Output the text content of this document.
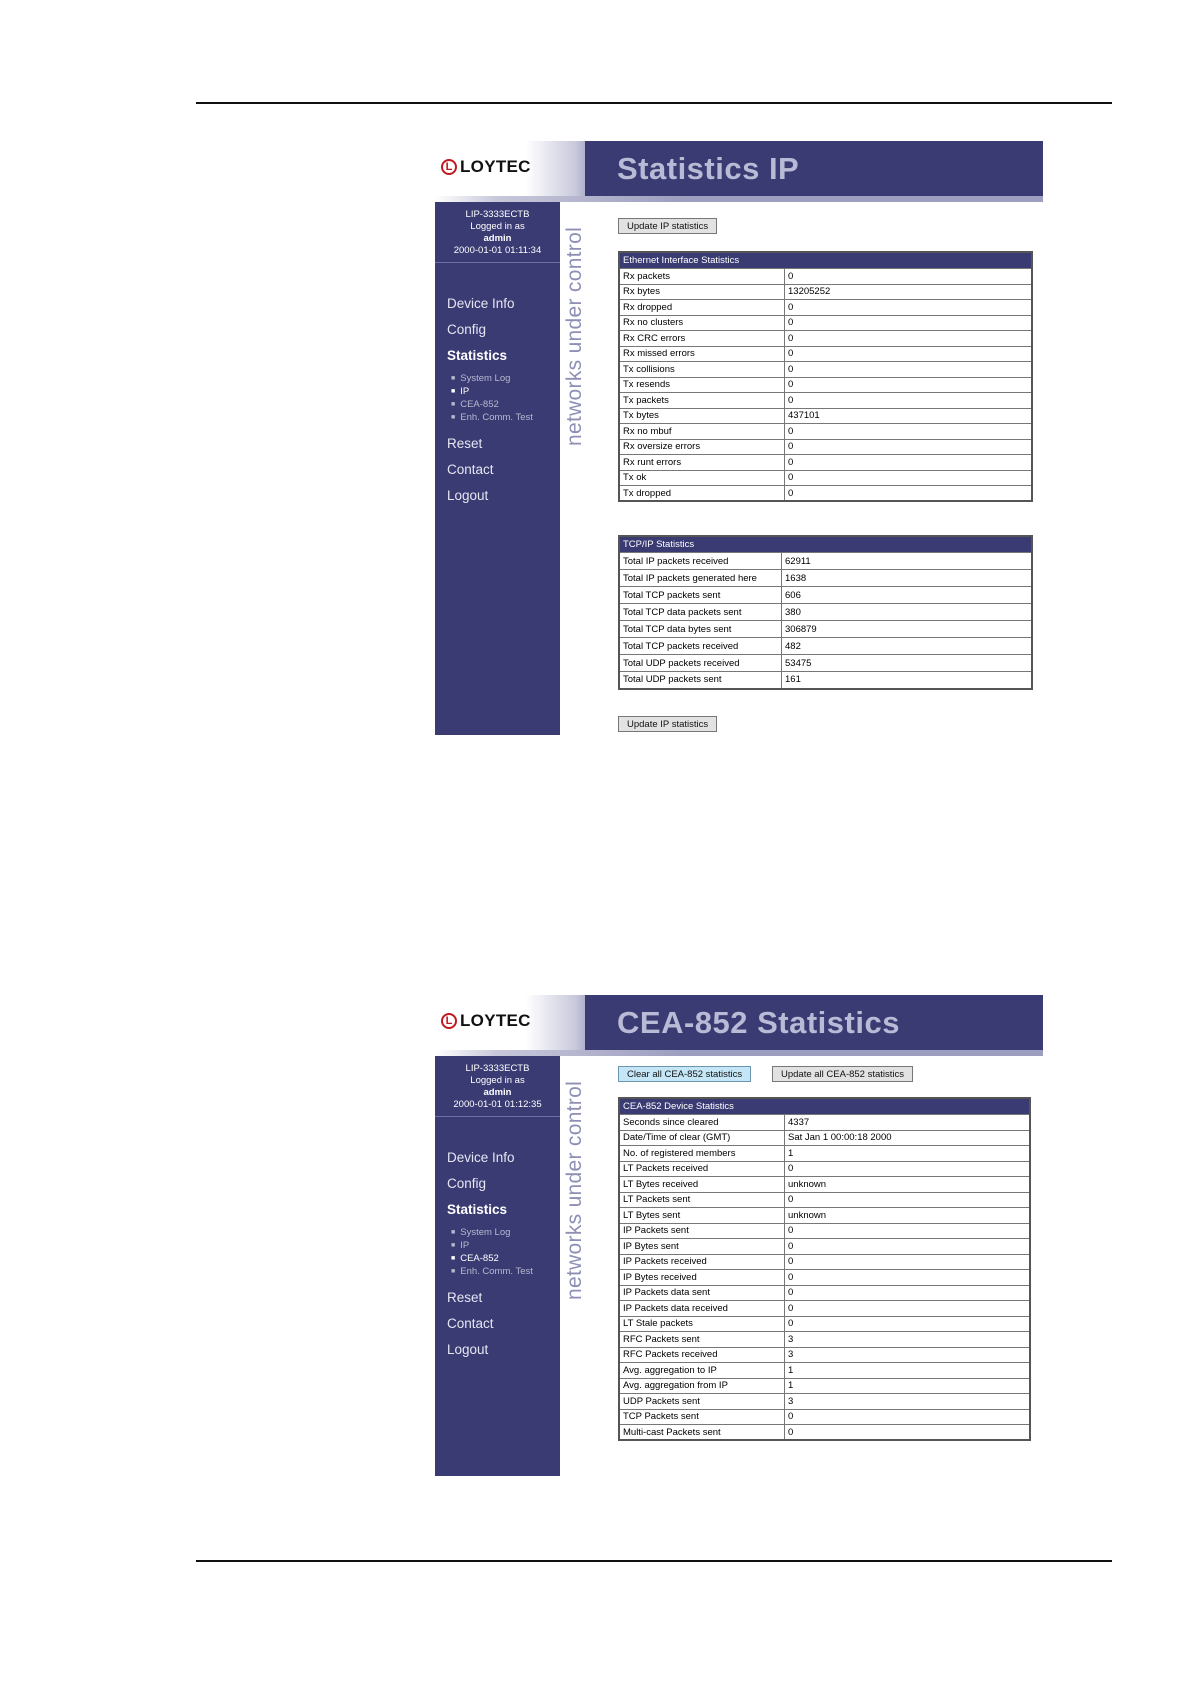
L LOYTEC	Statistics IP
LIP-3333ECTB
Logged in as
admin
2000-01-01 01:11:34
Device Info
Config
Statistics
■ System Log
■ IP
■ CEA-852
■ Enh. Comm. Test
Reset
Contact
Logout
networks under control
Update IP statistics
Ethernet Interface Statistics	
Rx packets	0
Rx bytes	13205252
Rx dropped	0
Rx no clusters	0
Rx CRC errors	0
Rx missed errors	0
Tx collisions	0
Tx resends	0
Tx packets	0
Tx bytes	437101
Rx no mbuf	0
Rx oversize errors	0
Rx runt errors	0
Tx ok	0
Tx dropped	0
TCP/IP Statistics	
Total IP packets received	62911
Total IP packets generated here	1638
Total TCP packets sent	606
Total TCP data packets sent	380
Total TCP data bytes sent	306879
Total TCP packets received	482
Total UDP packets received	53475
Total UDP packets sent	161
Update IP statistics
L LOYTEC	CEA-852 Statistics
LIP-3333ECTB
Logged in as
admin
2000-01-01 01:12:35
Device Info
Config
Statistics
■ System Log
■ IP
■ CEA-852
■ Enh. Comm. Test
Reset
Contact
Logout
networks under control
Clear all CEA-852 statistics	Update all CEA-852 statistics
CEA-852 Device Statistics	
Seconds since cleared	4337
Date/Time of clear (GMT)	Sat Jan 1 00:00:18 2000
No. of registered members	1
LT Packets received	0
LT Bytes received	unknown
LT Packets sent	0
LT Bytes sent	unknown
IP Packets sent	0
IP Bytes sent	0
IP Packets received	0
IP Bytes received	0
IP Packets data sent	0
IP Packets data received	0
LT Stale packets	0
RFC Packets sent	3
RFC Packets received	3
Avg. aggregation to IP	1
Avg. aggregation from IP	1
UDP Packets sent	3
TCP Packets sent	0
Multi-cast Packets sent	0
